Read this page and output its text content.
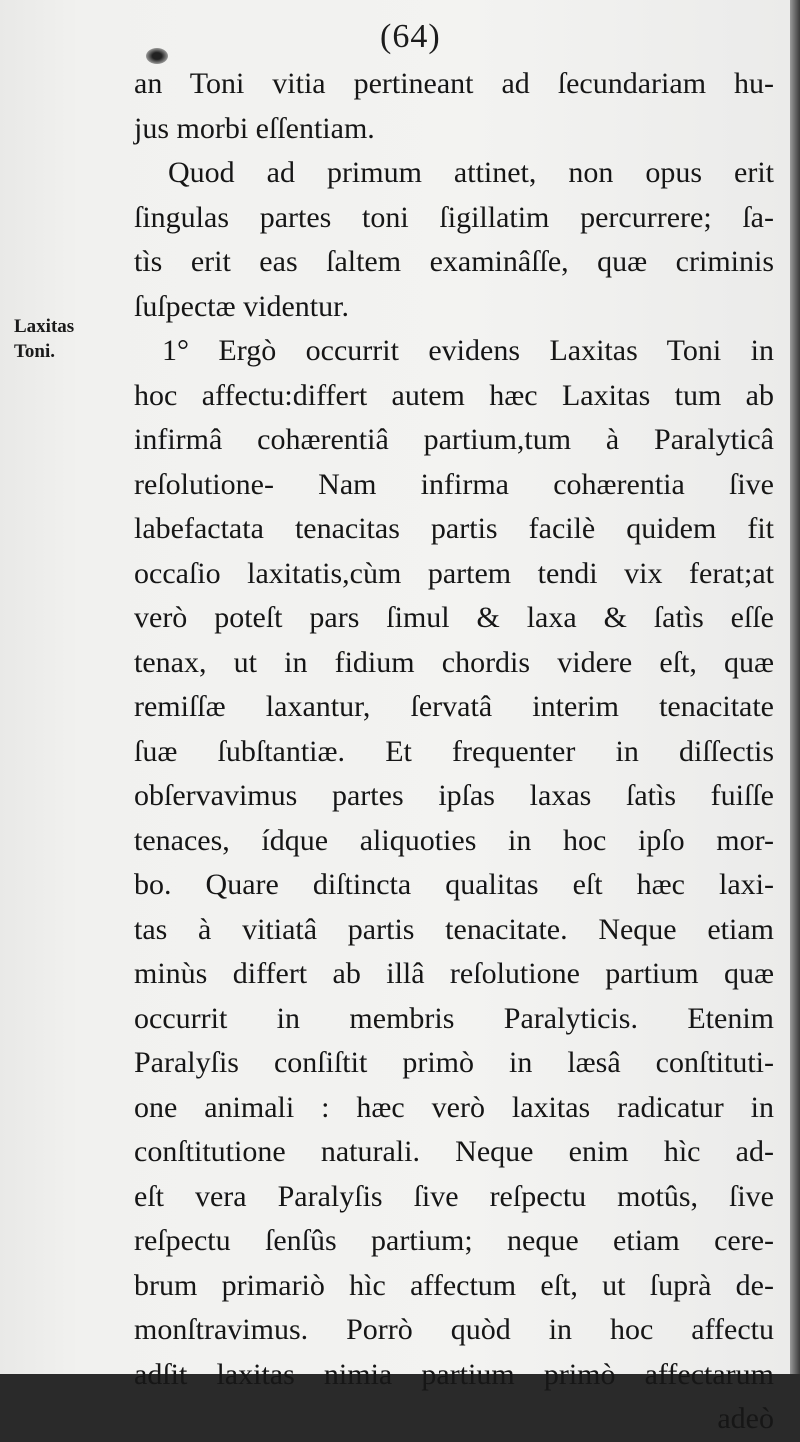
(64)
Laxitas
Toni.
an Toni vitia pertineant ad ſecundariam hu-
jus morbi eſſentiam.
Quod ad primum attinet, non opus erit
ſingulas partes toni ſigillatim percurrere; ſa-
tìs erit eas ſaltem examinâſſe, quæ criminis
ſuſpectæ videntur.
1° Ergò occurrit evidens Laxitas Toni in
hoc affectu:differt autem hæc Laxitas tum ab
infirmâ cohærentiâ partium,tum à Paralyticâ
reſolutione- Nam infirma cohærentia ſive
labefactata tenacitas partis facilè quidem fit
occaſio laxitatis,cùm partem tendi vix ferat;at
verò poteſt pars ſimul & laxa & ſatìs eſſe
tenax, ut in fidium chordis videre eſt, quæ
remiſſæ laxantur, ſervatâ interim tenacitate
ſuæ ſubſtantiæ. Et frequenter in diſſectis
obſervavimus partes ipſas laxas ſatìs fuiſſe
tenaces, ídque aliquoties in hoc ipſo mor-
bo. Quare diſtincta qualitas eſt hæc laxi-
tas à vitiatâ partis tenacitate. Neque etiam
minùs differt ab illâ reſolutione partium quæ
occurrit in membris Paralyticis. Etenim
Paralyſis conſiſtit primò in læsâ conſtituti-
one animali : hæc verò laxitas radicatur in
conſtitutione naturali. Neque enim hìc ad-
eſt vera Paralyſis ſive reſpectu motûs, ſive
reſpectu ſenſûs partium; neque etiam cere-
brum primariò hìc affectum eſt, ut ſuprà de-
monſtravimus. Porrò quòd in hoc affectu
adſit laxitas nimia partium primò affectarum
adeò
